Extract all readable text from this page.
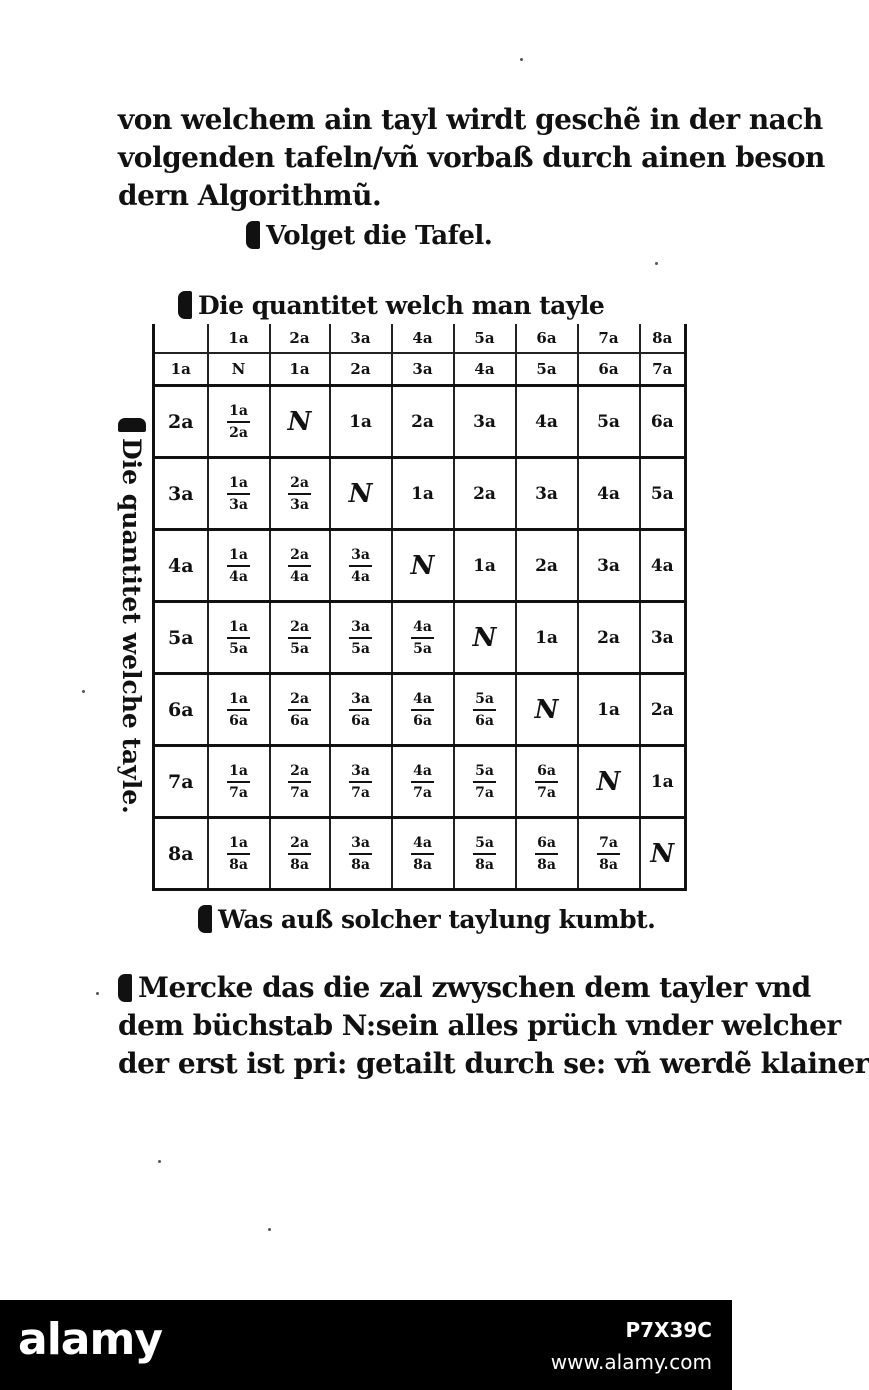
von welchem ain tayl wirdt geschẽ in der nach
volgenden tafeln/vñ vorbaß durch ainen beson
dern Algorithmũ.
Volget die Tafel.
Die quantitet welch man tayle
Die quantitet welche tayle.
	1a	2a	3a	4a	5a	6a	7a	8a
1a	N	1a	2a	3a	4a	5a	6a	7a
2a	$\frac{1a}{2a}$	N	1a	2a	3a	4a	5a	6a
3a	$\frac{1a}{3a}$	$\frac{2a}{3a}$	N	1a	2a	3a	4a	5a
4a	$\frac{1a}{4a}$	$\frac{2a}{4a}$	$\frac{3a}{4a}$	N	1a	2a	3a	4a
5a	$\frac{1a}{5a}$	$\frac{2a}{5a}$	$\frac{3a}{5a}$	$\frac{4a}{5a}$	N	1a	2a	3a
6a	$\frac{1a}{6a}$	$\frac{2a}{6a}$	$\frac{3a}{6a}$	$\frac{4a}{6a}$	$\frac{5a}{6a}$	N	1a	2a
7a	$\frac{1a}{7a}$	$\frac{2a}{7a}$	$\frac{3a}{7a}$	$\frac{4a}{7a}$	$\frac{5a}{7a}$	$\frac{6a}{7a}$	N	1a
8a	$\frac{1a}{8a}$	$\frac{2a}{8a}$	$\frac{3a}{8a}$	$\frac{4a}{8a}$	$\frac{5a}{8a}$	$\frac{6a}{8a}$	$\frac{7a}{8a}$	N
Was auß solcher taylung kumbt.
Mercke das die zal zwyschen dem tayler vnd
dem büchstab N:sein alles prüch vnder welcher
der erst ist pri: getailt durch se: vñ werdẽ klainer
alamy	P7X39C
www.alamy.com
